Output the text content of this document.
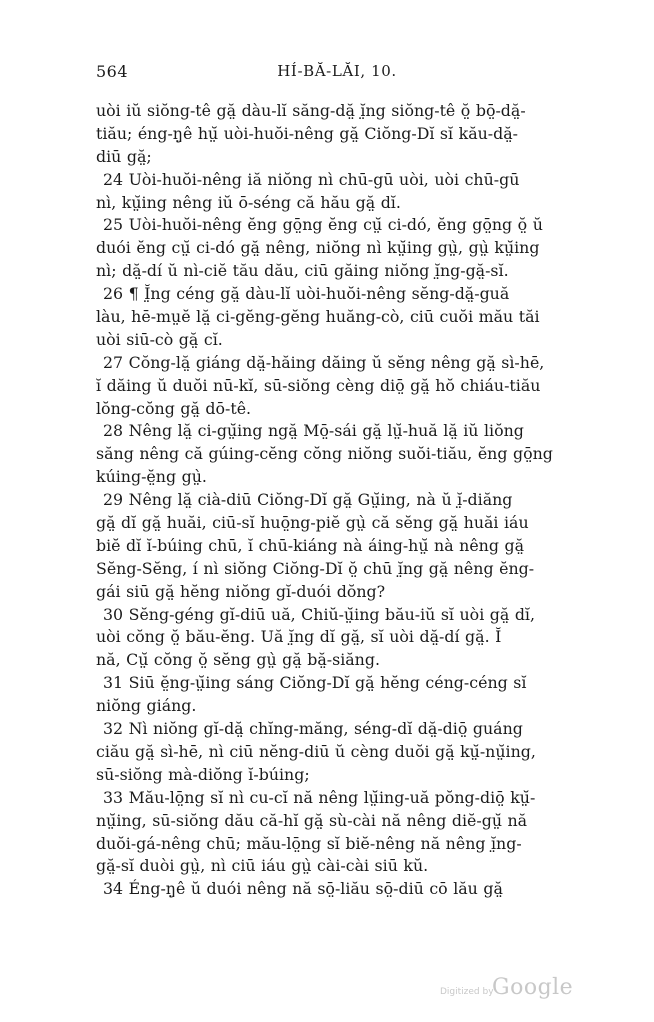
564	HÍ-BĂ-LĂI, 10.
uòi iŭ siŏng-tê gă̤ dàu-lĭ săng-dă̤ ĭ̤ng siŏng-tê ŏ̤ bō̤-dă̤-
tiău; éng-ŋ̤ê hṳ̆ uòi-huŏi-nêng gă̤ Ciŏng-Dĭ sĭ kău-dă̤-
diū gă̤;
24 Uòi-huŏi-nêng iă niŏng nì chū-gū uòi, uòi chū-gū
nì, kṳ̆ing nêng iŭ ō-séng că hău gă̤ dĭ.
25 Uòi-huŏi-nêng ĕng gō̤ng ĕng cṳ̆ ci-dó, ĕng gō̤ng ŏ̤ ŭ
duói ĕng cṳ̆ ci-dó gă̤ nêng, niŏng nì kṳ̆ing gṳ̀, gṳ̀ kṳ̆ing
nì; dă̤-dí ŭ nì-ciĕ tău dău, ciū găing niŏng ĭ̤ng-gă̤-sĭ.
26 ¶ Ĭ̤ng céng gă̤ dàu-lĭ uòi-huŏi-nêng sĕng-dă̤-guă
làu, hē-mṳĕ lă̤ ci-gĕng-gĕng huăng-cò, ciū cuŏi mău tăi
uòi siū-cò gă̤ cĭ.
27 Cŏng-lă̤ giáng dă̤-hăing dăing ŭ sĕng nêng gă̤ sì-hē,
ĭ dăing ŭ duŏi nū-kĭ, sū-siŏng cèng diō̤ gă̤ hŏ chiáu-tiău
lŏng-cŏng gă̤ dō-tê.
28 Nêng lă̤ ci-gṳ̆ing ngă̤ Mō̤-sái gă̤ lṳ̆-huă lă̤ iŭ liŏng
săng nêng că gúing-cĕng cŏng niŏng suŏi-tiău, ĕng gō̤ng
kúing-ĕ̤ng gṳ̀.
29 Nêng lă̤ cià-diū Ciŏng-Dĭ gă̤ Gṳ̆ing, nà ŭ ĭ̤-diăng
gă̤ dĭ gă̤ huăi, ciū-sĭ huō̤ng-piĕ gṳ̀ că sĕng gă̤ huăi iáu
biĕ dĭ ĭ-búing chū, ĭ chū-kiáng nà áing-hṳ̆ nà nêng gă̤
Sĕng-Sĕng, í nì siŏng Ciŏng-Dĭ ŏ̤ chū ĭ̤ng gă̤ nêng ĕng-
gái siū gă̤ hĕng niŏng gĭ-duói dŏng?
30 Sĕng-géng gĭ-diū uă, Chiŭ-ṳ̆ing bău-iŭ sĭ uòi gă̤ dĭ,
uòi cŏng ŏ̤ bău-ĕng. Uă ĭ̤ng dĭ gă̤, sĭ uòi dă̤-dí gă̤. Ĭ
nă, Cṳ̆ cŏng ŏ̤ sĕng gṳ̀ gă̤ bă̤-siăng.
31 Siū ĕ̤ng-ṳ̆ing sáng Ciŏng-Dĭ gă̤ hĕng céng-céng sĭ
niŏng giáng.
32 Nì niŏng gĭ-dă̤ chĭng-măng, séng-dĭ dă̤-diō̤ guáng
ciău gă̤ sì-hē, nì ciū nĕng-diū ŭ cèng duŏi gă̤ kṳ̆-nṳ̆ing,
sū-siŏng mà-diŏng ĭ-búing;
33 Mău-lō̤ng sĭ nì cu-cĭ nă nêng lṳ̆ing-uă pŏng-diō̤ kṳ̆-
nṳ̆ing, sū-siŏng dău că-hĭ gă̤ sù-cài nă nêng diĕ-gṳ̆ nă
duŏi-gá-nêng chū; mău-lō̤ng sĭ biĕ-nêng nă nêng ĭ̤ng-
gă̤-sĭ duòi gṳ̀, nì ciū iáu gṳ̀ cài-cài siū kŭ.
34 Éng-ŋ̤ê ŭ duói nêng nă sō̤-liău sō̤-diū cō lău gă̤
Digitized by
Google
